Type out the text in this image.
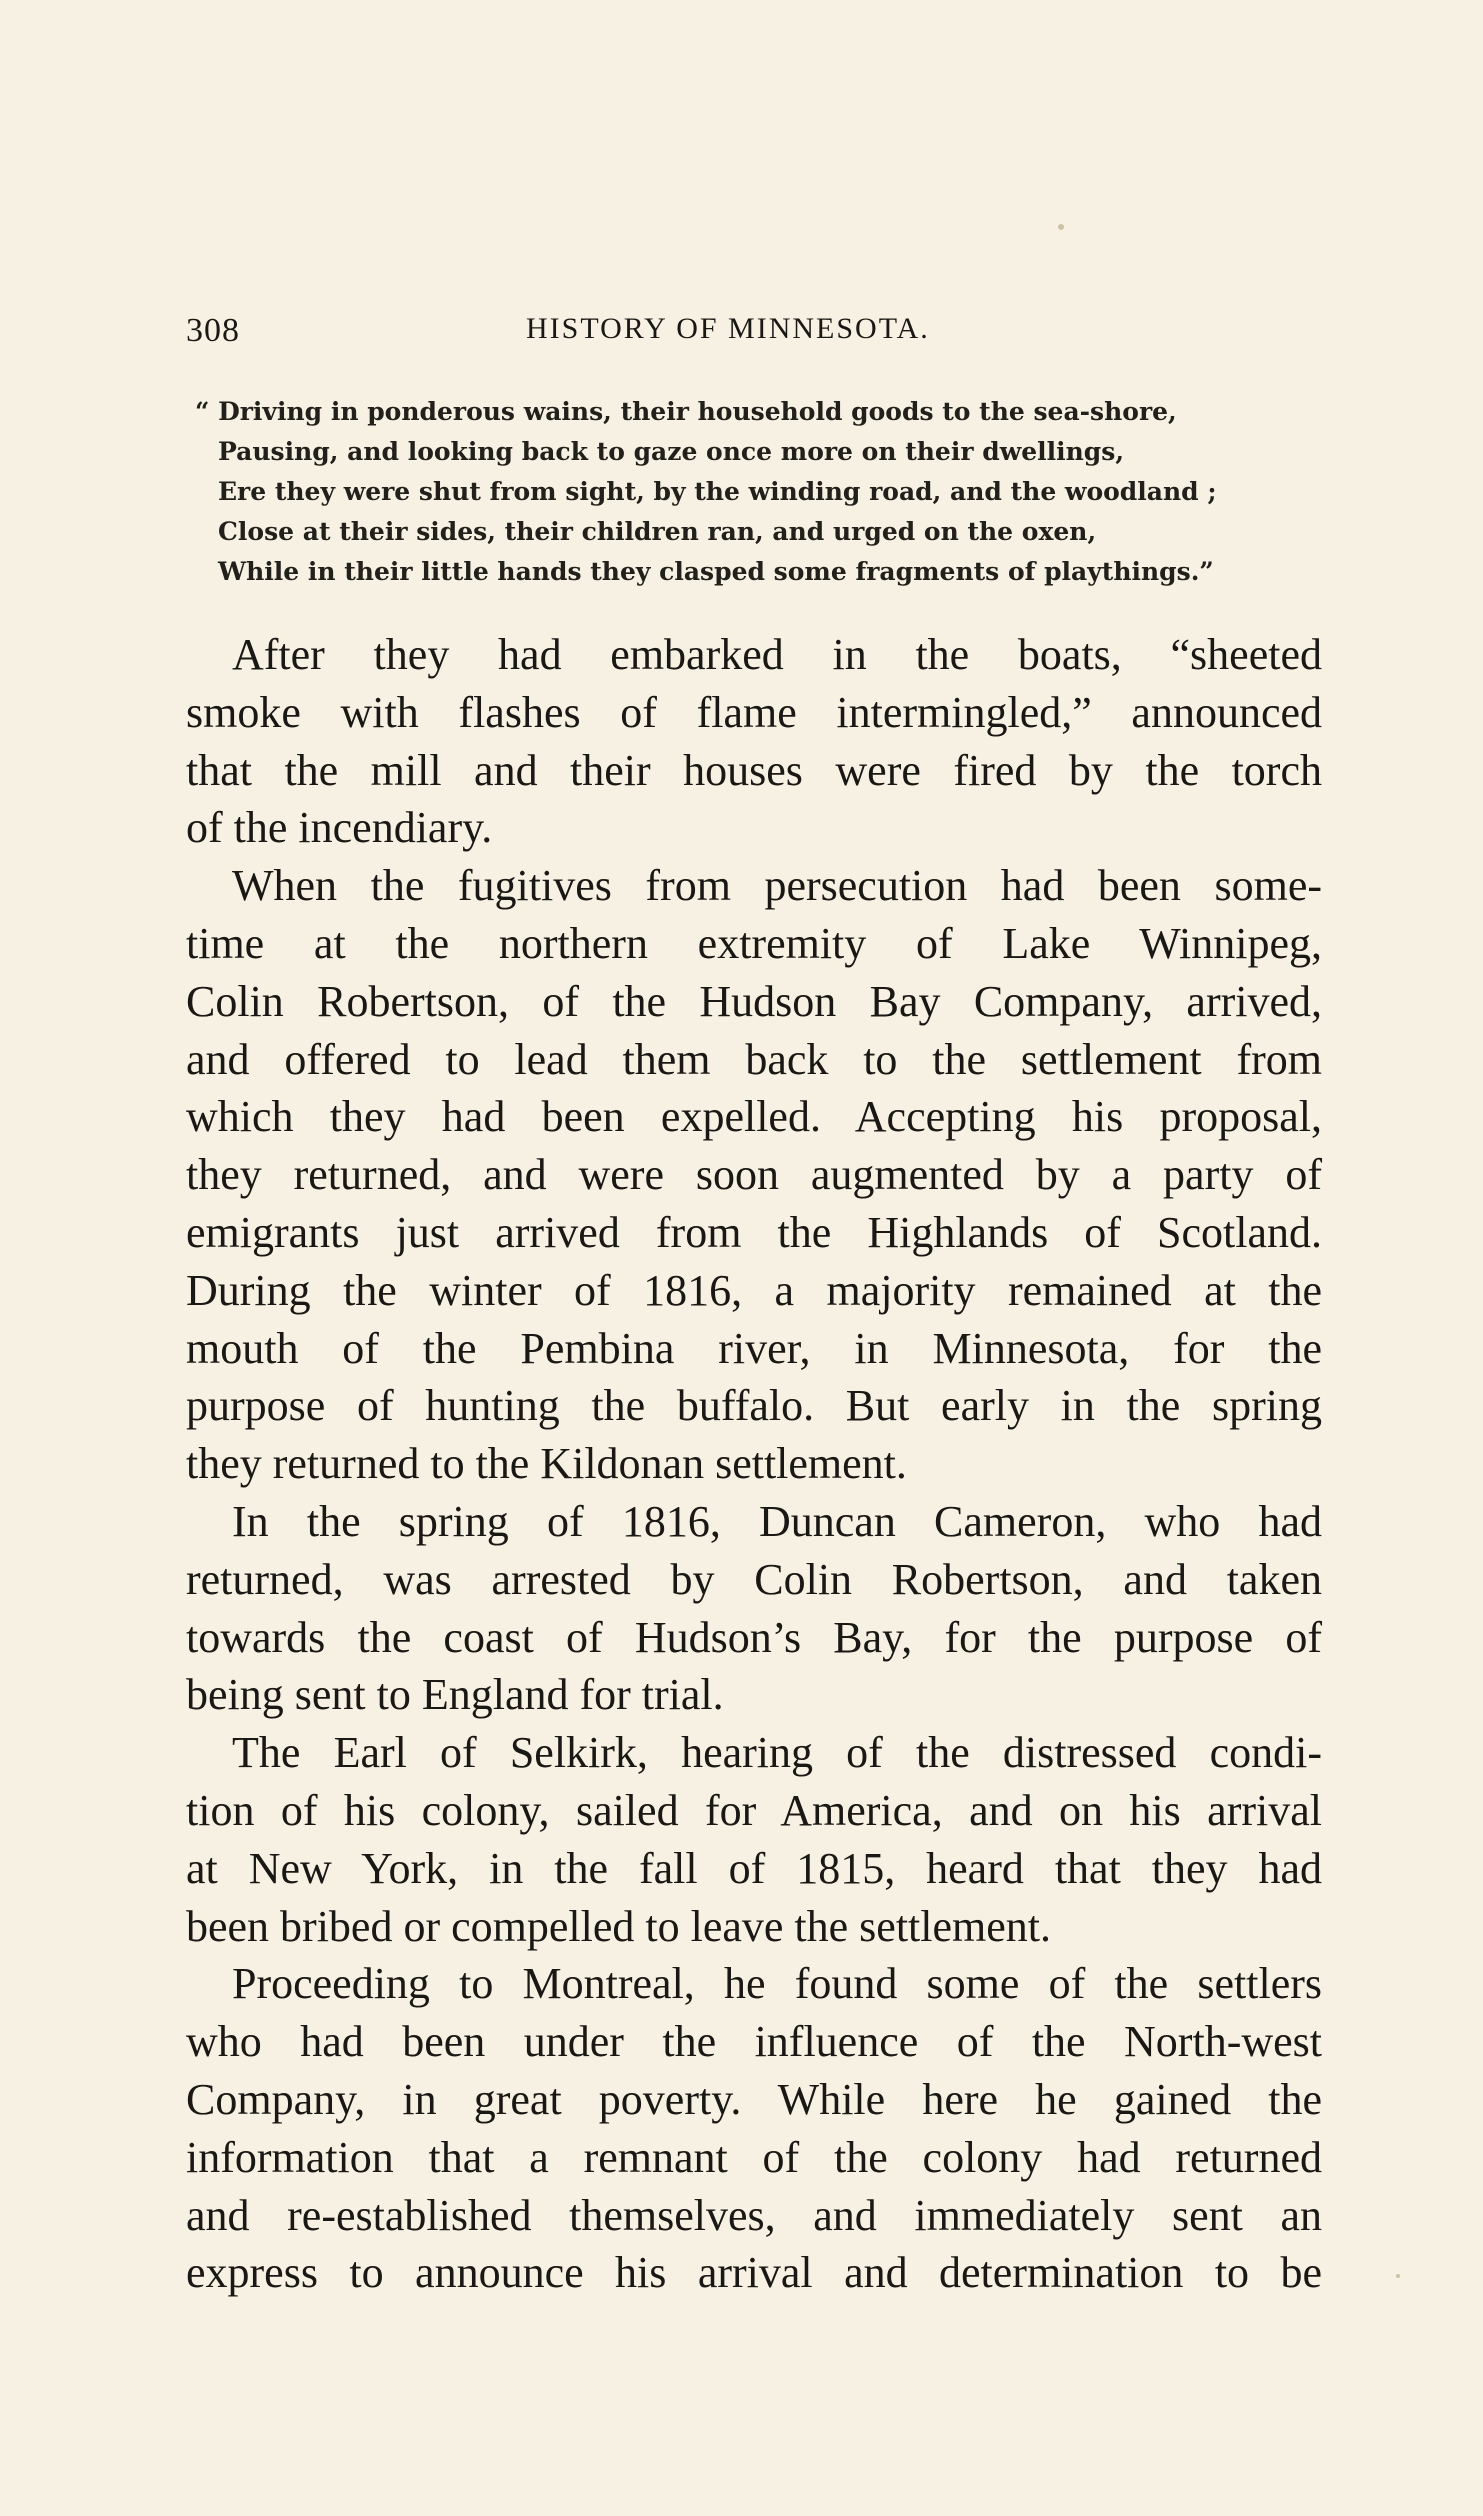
308	HISTORY OF MINNESOTA.
“ Driving in ponderous wains, their household goods to the sea-shore,
Pausing, and looking back to gaze once more on their dwellings,
Ere they were shut from sight, by the winding road, and the woodland ;
Close at their sides, their children ran, and urged on the oxen,
While in their little hands they clasped some fragments of playthings.”
After they had embarked in the boats, “sheeted
smoke with flashes of flame intermingled,” announced
that the mill and their houses were fired by the torch
of the incendiary.
When the fugitives from persecution had been some-
time at the northern extremity of Lake Winnipeg,
Colin Robertson, of the Hudson Bay Company, arrived,
and offered to lead them back to the settlement from
which they had been expelled. Accepting his proposal,
they returned, and were soon augmented by a party of
emigrants just arrived from the Highlands of Scotland.
During the winter of 1816, a majority remained at the
mouth of the Pembina river, in Minnesota, for the
purpose of hunting the buffalo. But early in the spring
they returned to the Kildonan settlement.
In the spring of 1816, Duncan Cameron, who had
returned, was arrested by Colin Robertson, and taken
towards the coast of Hudson’s Bay, for the purpose of
being sent to England for trial.
The Earl of Selkirk, hearing of the distressed condi-
tion of his colony, sailed for America, and on his arrival
at New York, in the fall of 1815, heard that they had
been bribed or compelled to leave the settlement.
Proceeding to Montreal, he found some of the settlers
who had been under the influence of the North-west
Company, in great poverty. While here he gained the
information that a remnant of the colony had returned
and re-established themselves, and immediately sent an
express to announce his arrival and determination to be
